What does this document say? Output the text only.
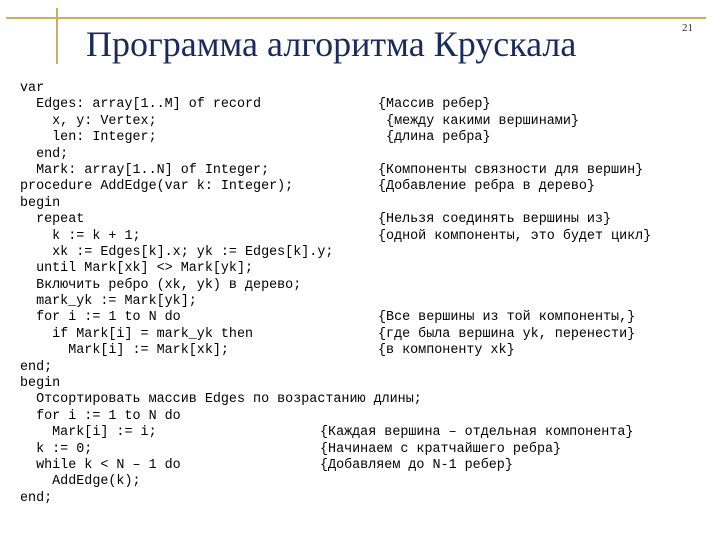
Программа алгоритма Крускала	21
var
Edges: array[1..M] of record	{Массив ребер}
x, y: Vertex;	{между какими вершинами}
len: Integer;	{длина ребра}
end;
Mark: array[1..N] of Integer;	{Компоненты связности для вершин}
procedure AddEdge(var k: Integer);	{Добавление ребра в дерево}
begin
repeat	{Нельзя соединять вершины из}
k := k + 1;	{одной компоненты, это будет цикл}
xk := Edges[k].x; yk := Edges[k].y;
until Mark[xk] <> Mark[yk];
Включить ребро (xk, yk) в дерево;
mark_yk := Mark[yk];
for i := 1 to N do	{Все вершины из той компоненты,}
if Mark[i] = mark_yk then	{где была вершина yk, перенести}
Mark[i] := Mark[xk];	{в компоненту xk}
end;
begin
Отсортировать массив Edges по возрастанию длины;
for i := 1 to N do
Mark[i] := i;	{Каждая вершина – отдельная компонента}
k := 0;	{Начинаем с кратчайшего ребра}
while k < N – 1 do	{Добавляем до N-1 ребер}
AddEdge(k);
end;
